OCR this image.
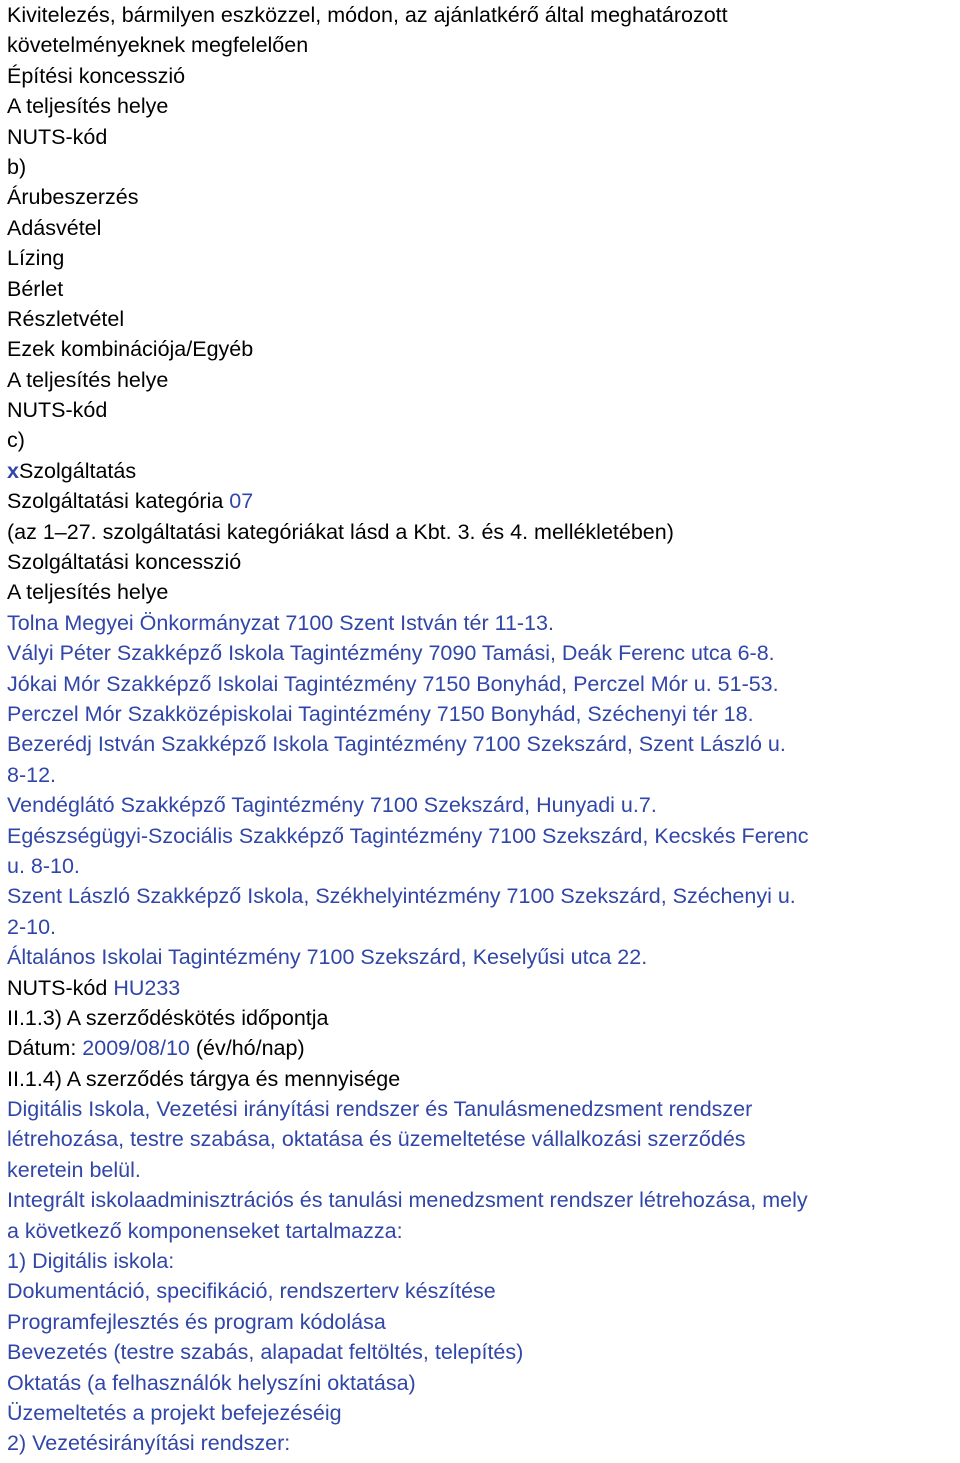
Kivitelezés, bármilyen eszközzel, módon, az ajánlatkérő által meghatározott
követelményeknek megfelelően
Építési koncesszió
A teljesítés helye
NUTS-kód
b)
Árubeszerzés
Adásvétel
Lízing
Bérlet
Részletvétel
Ezek kombinációja/Egyéb
A teljesítés helye
NUTS-kód
c)
xSzolgáltatás
Szolgáltatási kategória 07
(az 1–27. szolgáltatási kategóriákat lásd a Kbt. 3. és 4. mellékletében)
Szolgáltatási koncesszió
A teljesítés helye
Tolna Megyei Önkormányzat 7100 Szent István tér 11-13.
Vályi Péter Szakképző Iskola Tagintézmény 7090 Tamási, Deák Ferenc utca 6-8.
Jókai Mór Szakképző Iskolai Tagintézmény 7150 Bonyhád, Perczel Mór u. 51-53.
Perczel Mór Szakközépiskolai Tagintézmény 7150 Bonyhád, Széchenyi tér 18.
Bezerédj István Szakképző Iskola Tagintézmény 7100 Szekszárd, Szent László u.
8-12.
Vendéglátó Szakképző Tagintézmény 7100 Szekszárd, Hunyadi u.7.
Egészségügyi-Szociális Szakképző Tagintézmény 7100 Szekszárd, Kecskés Ferenc
u. 8-10.
Szent László Szakképző Iskola, Székhelyintézmény 7100 Szekszárd, Széchenyi u.
2-10.
Általános Iskolai Tagintézmény 7100 Szekszárd, Keselyűsi utca 22.
NUTS-kód HU233
II.1.3) A szerződéskötés időpontja
Dátum: 2009/08/10 (év/hó/nap)
II.1.4) A szerződés tárgya és mennyisége
Digitális Iskola, Vezetési irányítási rendszer és Tanulásmenedzsment rendszer
létrehozása, testre szabása, oktatása és üzemeltetése vállalkozási szerződés
keretein belül.
Integrált iskolaadminisztrációs és tanulási menedzsment rendszer létrehozása, mely
a következő komponenseket tartalmazza:
1) Digitális iskola:
Dokumentáció, specifikáció, rendszerterv készítése
Programfejlesztés és program kódolása
Bevezetés (testre szabás, alapadat feltöltés, telepítés)
Oktatás (a felhasználók helyszíni oktatása)
Üzemeltetés a projekt befejezéséig
2) Vezetésirányítási rendszer:
